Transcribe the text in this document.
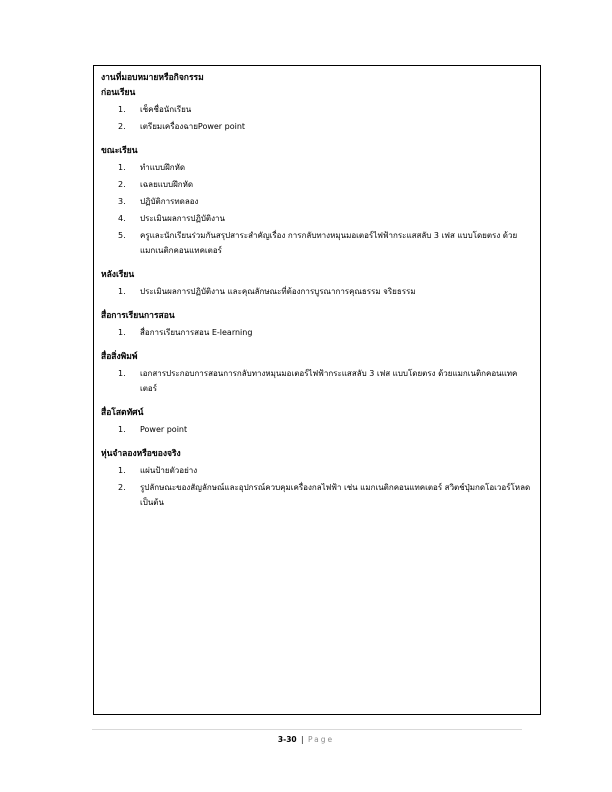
งานที่มอบหมายหรือกิจกรรม
ก่อนเรียน
1.	เช็คชื่อนักเรียน
2.	เตรียมเครื่องฉายPower point
ขณะเรียน
1.	ทำแบบฝึกหัด
2.	เฉลยแบบฝึกหัด
3.	ปฏิบัติการทดลอง
4.	ประเมินผลการปฏิบัติงาน
5.	ครูและนักเรียนร่วมกันสรุปสาระสำคัญเรื่อง การกลับทางหมุนมอเตอร์ไฟฟ้ากระแสสลับ 3 เฟส แบบโดยตรง ด้วยแมกเนติกคอนแทคเตอร์
หลังเรียน
1.	ประเมินผลการปฏิบัติงาน และคุณลักษณะที่ต้องการบูรณาการคุณธรรม จริยธรรม
สื่อการเรียนการสอน
1.	สื่อการเรียนการสอน E-learning
สื่อสิ่งพิมพ์
1.	เอกสารประกอบการสอนการกลับทางหมุนมอเตอร์ไฟฟ้ากระแสสลับ 3 เฟส แบบโดยตรง ด้วยแมกเนติกคอนแทคเตอร์
สื่อโสตทัศน์
1.	Power point
หุ่นจำลองหรือของจริง
1.	แผ่นป้ายตัวอย่าง
2.	รูปลักษณะของสัญลักษณ์และอุปกรณ์ควบคุมเครื่องกลไฟฟ้า เช่น แมกเนติกคอนแทคเตอร์ สวิตช์ปุ่มกดโอเวอร์โหลด เป็นต้น
3-30 | Page
